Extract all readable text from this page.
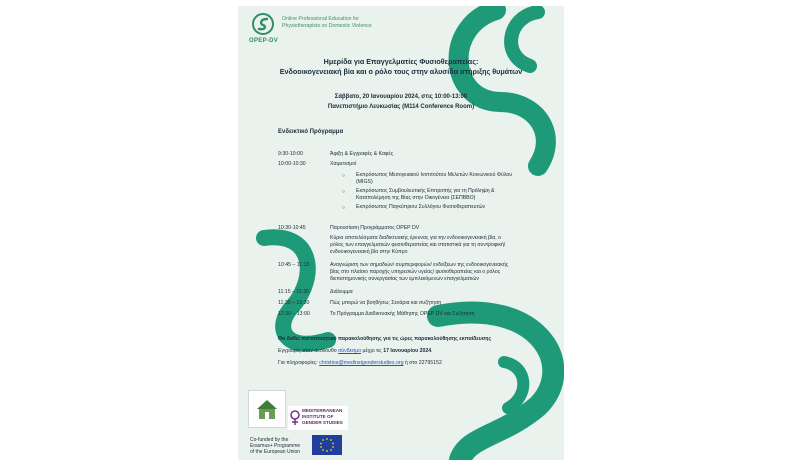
Online Professional Education for
Physiotherapists on Domestic Violence
OPEP-DV
Ημερίδα για Επαγγελματίες Φυσιοθεραπείας:
Ενδοοικογενειακή βία και ο ρόλο τους στην αλυσίδα στήριξης θυμάτων
Σάββατο, 20 Ιανουαρίου 2024, στις 10:00-13:00
Πανεπιστήμιο Λευκωσίας (M114 Conference Room)
Ενδεικτικό Πρόγραμμα
9:30-10:00	Άφιξη & Εγγραφές & Καφές
10:00-10:30	Χαιρετισμοί
○ Εκπρόσωπος Μεσογειακού Ινστιτούτου Μελετών Κοινωνικού Φύλου
(MIGS)
○ Εκπρόσωπος Συμβουλευτικής Επιτροπής για τη Πρόληψη &
Καταπολέμηση της Βίας στην Οικογένεια (ΣΕΠΒΒΟ)
○ Εκπρόσωπος Παγκύπριου Συλλόγου Φυσιοθεραπευτών
10:30-10:45	Παρουσίαση Προγράμματος OPEP DV
Κύρια αποτελέσματα διαδικτυακής έρευνας για την ενδοοικογενειακή βία, ο
ρόλος των επαγγελματιών φυσιοθεραπείας και στατιστικά για τη συντροφική/
ενδοοικογενειακή βία στην Κύπρο
10:45 – 11:15	Αναγνώριση των σημαδιών/ συμπεριφορών/ ενδείξεων της ενδοοικογενειακής
βίας στο πλαίσιο παροχής υπηρεσιών υγείας/ φυσιοθεραπείας και ο ρόλος
διεπιστημονικής συνεργασίας των εμπλεκόμενων επαγγελματιών
11:15 – 11:30	Διάλειμμα
11:30 – 12:30	Πώς μπορώ να βοηθήσω; Σενάρια και συζήτηση
12:30 – 13:00	Το Πρόγραμμα Διαδικτυακής Μάθησης OPEP DV και Συζήτηση
Θα δοθεί πιστοποιητικό παρακολούθησης για τις ώρες παρακολούθησης εκπαίδευσης
Εγγραφές στον ακόλουθο σύνδεσμο μέχρι τις 17 Ιανουαρίου 2024.
Για πληροφορίες: christina@medinstgenderstudies.org ή στο 22795152
MEDITERRANEAN
INSTITUTE OF
GENDER STUDIES
Co-funded by the
Erasmus+ Programme
of the European Union
